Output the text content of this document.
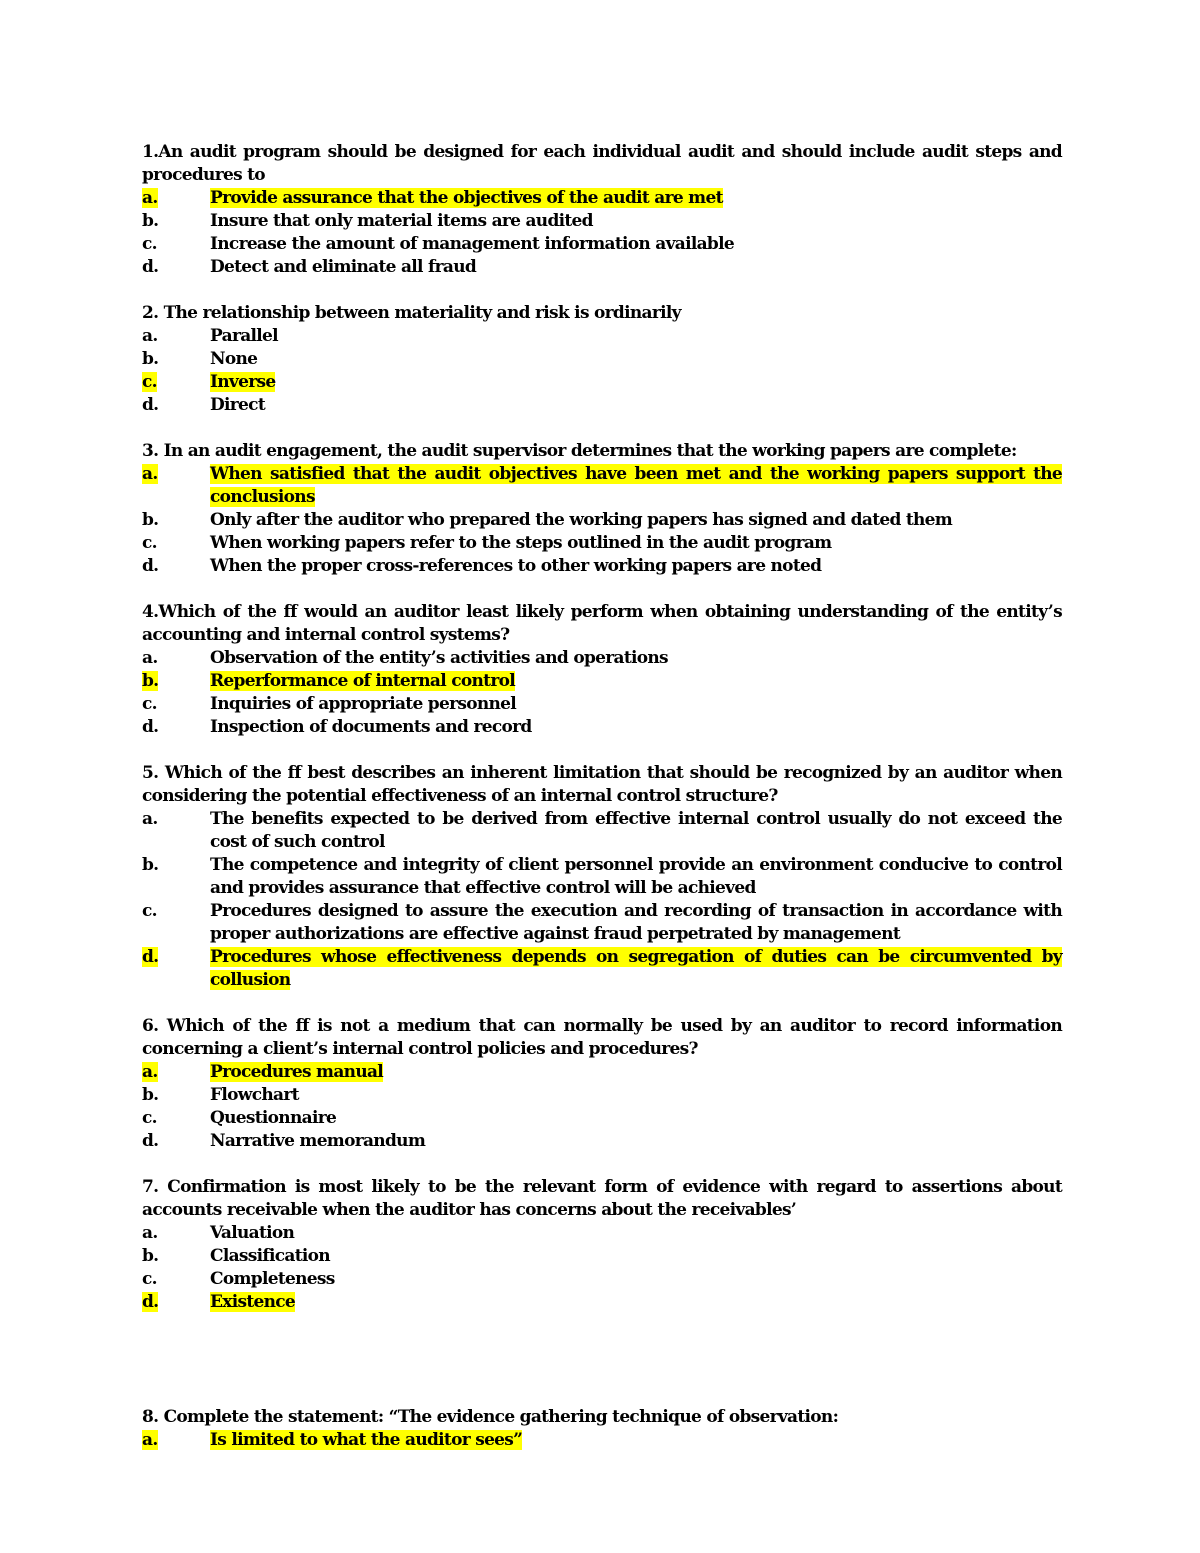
1.An audit program should be designed for each individual audit and should include audit steps and procedures to

a.	Provide assurance that the objectives of the audit are met
b.	Insure that only material items are audited
c.	Increase the amount of management information available
d.	Detect and eliminate all fraud

2. The relationship between materiality and risk is ordinarily

a.	Parallel
b.	None
c.	Inverse
d.	Direct

3. In an audit engagement, the audit supervisor determines that the working papers are complete:

a.	When satisfied that the audit objectives have been met and the working papers support the conclusions
b.	Only after the auditor who prepared the working papers has signed and dated them
c.	When working papers refer to the steps outlined in the audit program
d.	When the proper cross-references to other working papers are noted

4.Which of the ff would an auditor least likely perform when obtaining understanding of the entity’s accounting and internal control systems?

a.	Observation of the entity’s activities and operations
b.	Reperformance of internal control
c.	Inquiries of appropriate personnel
d.	Inspection of documents and record

5. Which of the ff best describes an inherent limitation that should be recognized by an auditor when considering the potential effectiveness of an internal control structure?

a.	The benefits expected to be derived from effective internal control usually do not exceed the cost of such control
b.	The competence and integrity of client personnel provide an environment conducive to control and provides assurance that effective control will be achieved
c.	Procedures designed to assure the execution and recording of transaction in accordance with proper authorizations are effective against fraud perpetrated by management
d.	Procedures whose effectiveness depends on segregation of duties can be circumvented by collusion

6. Which of the ff is not a medium that can normally be used by an auditor to record information concerning a client’s internal control policies and procedures?

a.	Procedures manual
b.	Flowchart
c.	Questionnaire
d.	Narrative memorandum

7. Confirmation is most likely to be the relevant form of evidence with regard to assertions about accounts receivable when the auditor has concerns about the receivables’

a.	Valuation
b.	Classification
c.	Completeness
d.	Existence

8. Complete the statement: “The evidence gathering technique of observation:

a.	Is limited to what the auditor sees”
